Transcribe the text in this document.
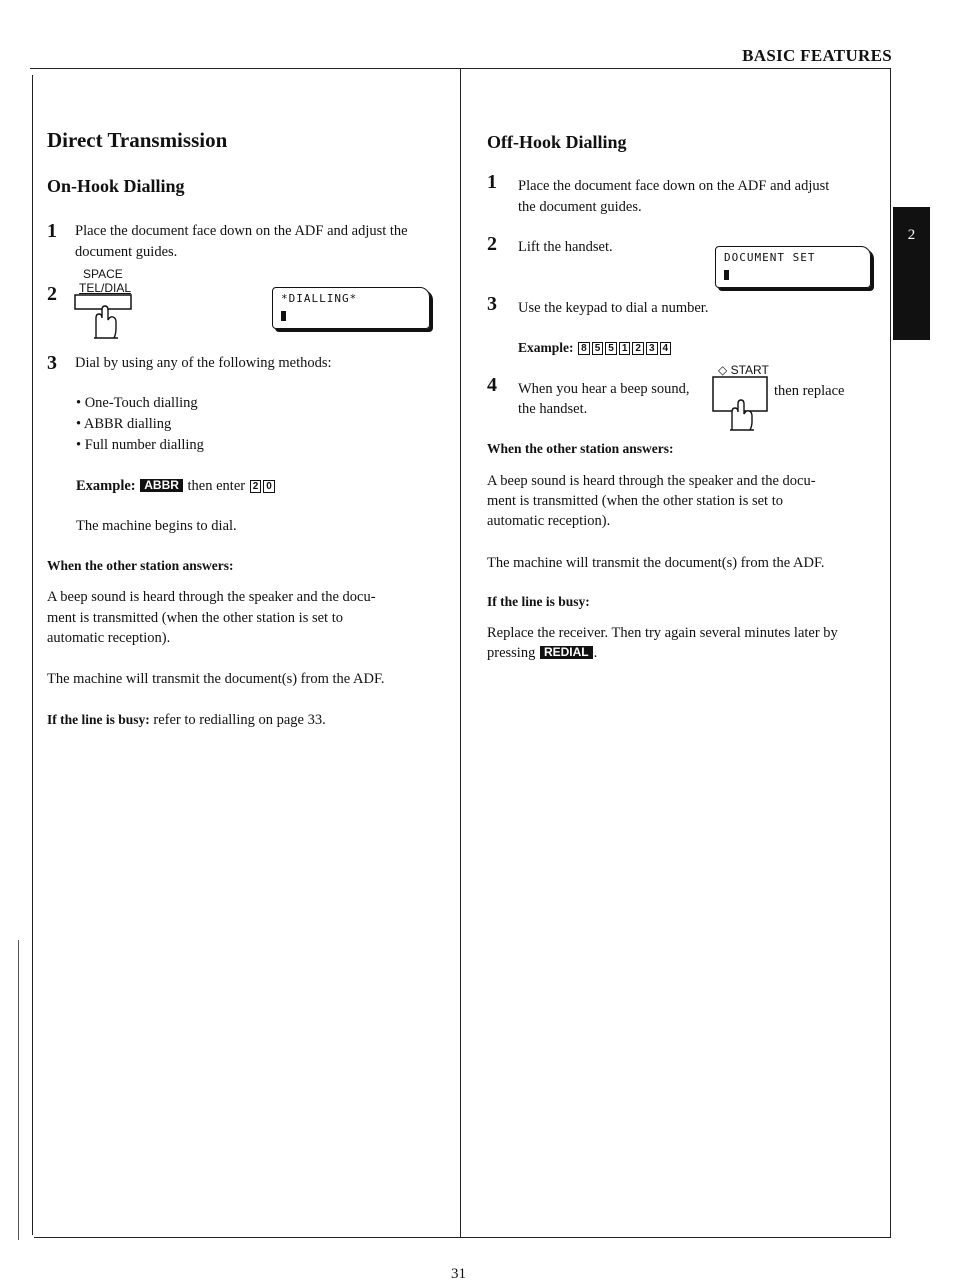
BASIC FEATURES
2
Direct Transmission
On-Hook Dialling
1 Place the document face down on the ADF and adjust the document guides.
2
SPACE
TEL/DIAL
*DIALLING*
3 Dial by using any of the following methods:
• One-Touch dialling
• ABBR dialling
• Full number dialling
Example: ABBR then enter 2 0
The machine begins to dial.
When the other station answers:
A beep sound is heard through the speaker and the docu-
ment is transmitted (when the other station is set to
automatic reception).
The machine will transmit the document(s) from the ADF.
If the line is busy: refer to redialling on page 33.
Off-Hook Dialling
1 Place the document face down on the ADF and adjust
the document guides.
2 Lift the handset.
DOCUMENT SET
3 Use the keypad to dial a number.
Example: 8 5 5 1 2 3 4
4 When you hear a beep sound,
◇ START
then replace
the handset.
When the other station answers:
A beep sound is heard through the speaker and the docu-
ment is transmitted (when the other station is set to
automatic reception).
The machine will transmit the document(s) from the ADF.
If the line is busy:
Replace the receiver. Then try again several minutes later by
pressing REDIAL .
31
